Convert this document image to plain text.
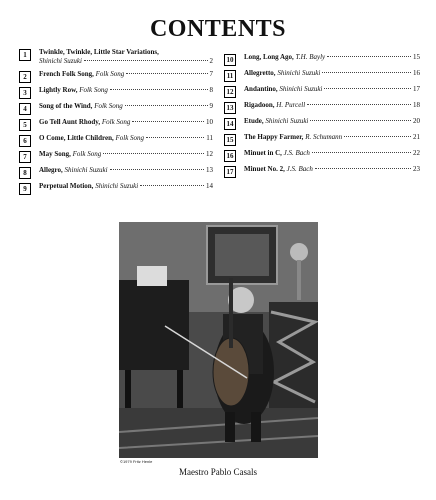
CONTENTS
1	Twinkle, Twinkle, Little Star Variations,
Shinichi Suzuki	2
2	French Folk Song,
Folk Song	7
3	Lightly Row,
Folk Song	8
4	Song of the Wind,
Folk Song	9
5	Go Tell Aunt Rhody,
Folk Song	10
6	O Come, Little Children,
Folk Song	11
7	May Song,
Folk Song	12
8	Allegro,
Shinichi Suzuki	13
9	Perpetual Motion,
Shinichi Suzuki	14
10	Long, Long Ago,
T.H. Bayly	15
11	Allegretto,
Shinichi Suzuki	16
12	Andantino,
Shinichi Suzuki	17
13	Rigadoon,
H. Purcell	18
14	Etude,
Shinichi Suzuki	20
15	The Happy Farmer,
R. Schumann	21
16	Minuet in C,
J.S. Bach	22
17	Minuet No. 2,
J.S. Bach	23
©1979 Fritz Henle
Maestro Pablo Casals
